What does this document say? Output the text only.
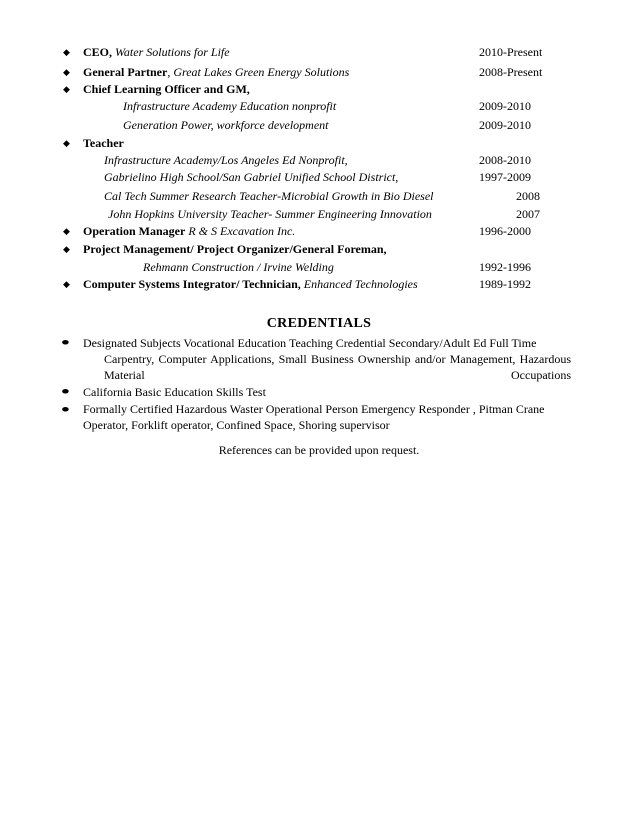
◆ CEO, Water Solutions for Life	2010-Present
◆ General Partner, Great Lakes Green Energy Solutions	2008-Present
◆ Chief Learning Officer and GM,
Infrastructure Academy Education nonprofit	2009-2010
Generation Power, workforce development	2009-2010
◆ Teacher
Infrastructure Academy/Los Angeles Ed Nonprofit,	2008-2010
Gabrielino High School/San Gabriel Unified School District,	1997-2009
Cal Tech Summer Research Teacher-Microbial Growth in Bio Diesel	2008
John Hopkins University Teacher- Summer Engineering Innovation	2007
◆ Operation Manager R & S Excavation Inc.	1996-2000
◆ Project Management/ Project Organizer/General Foreman,
Rehmann Construction / Irvine Welding	1992-1996
◆ Computer Systems Integrator/ Technician, Enhanced Technologies	1989-1992
CREDENTIALS
⬬ Designated Subjects Vocational Education Teaching Credential Secondary/Adult Ed Full Time
Carpentry, Computer Applications, Small Business Ownership and/or Management, Hazardous Material Occupations
⬬ California Basic Education Skills Test
⬬ Formally Certified Hazardous Waster Operational Person Emergency Responder , Pitman Crane Operator, Forklift operator, Confined Space, Shoring supervisor
References can be provided upon request.
